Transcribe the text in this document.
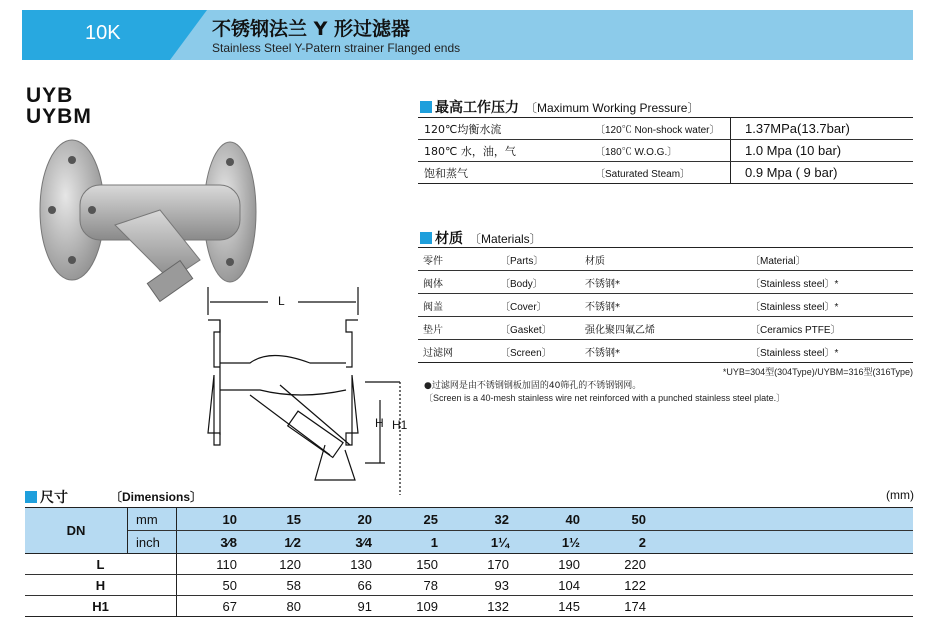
10K	不锈钢法兰 Y 形过滤器
Stainless Steel Y-Patern strainer Flanged ends
UYB
UYBM
L
H H1
最高工作压力 〔Maximum Working Pressure〕
120℃均衡水流	〔120℃ Non-shock water〕	1.37MPa(13.7bar)
180℃ 水，油，气	〔180℃ W.O.G.〕	1.0 Mpa (10 bar)
饱和蒸气	〔Saturated Steam〕	0.9 Mpa ( 9 bar)
材质 〔Materials〕
零件	〔Parts〕	材质	〔Material〕
阀体	〔Body〕	不锈钢*	〔Stainless steel〕*
阀盖	〔Cover〕	不锈钢*	〔Stainless steel〕*
垫片	〔Gasket〕	强化聚四氟乙烯	〔Ceramics PTFE〕
过滤网	〔Screen〕	不锈钢*	〔Stainless steel〕*
*UYB=304型(304Type)/UYBM=316型(316Type)
●过滤网是由不锈钢钢板加固的40筛孔的不锈钢钢网。
〔Screen is a 40-mesh stainless wire net reinforced with a punched stainless steel plate.〕
尺寸	〔Dimensions〕	(mm)
DN	mm	10	15	20	25	32	40	50	
	inch	3⁄8	1⁄2	3⁄4	1	1¼	1½	2	
L		110	120	130	150	170	190	220	
H		50	58	66	78	93	104	122	
H1		67	80	91	109	132	145	174	
